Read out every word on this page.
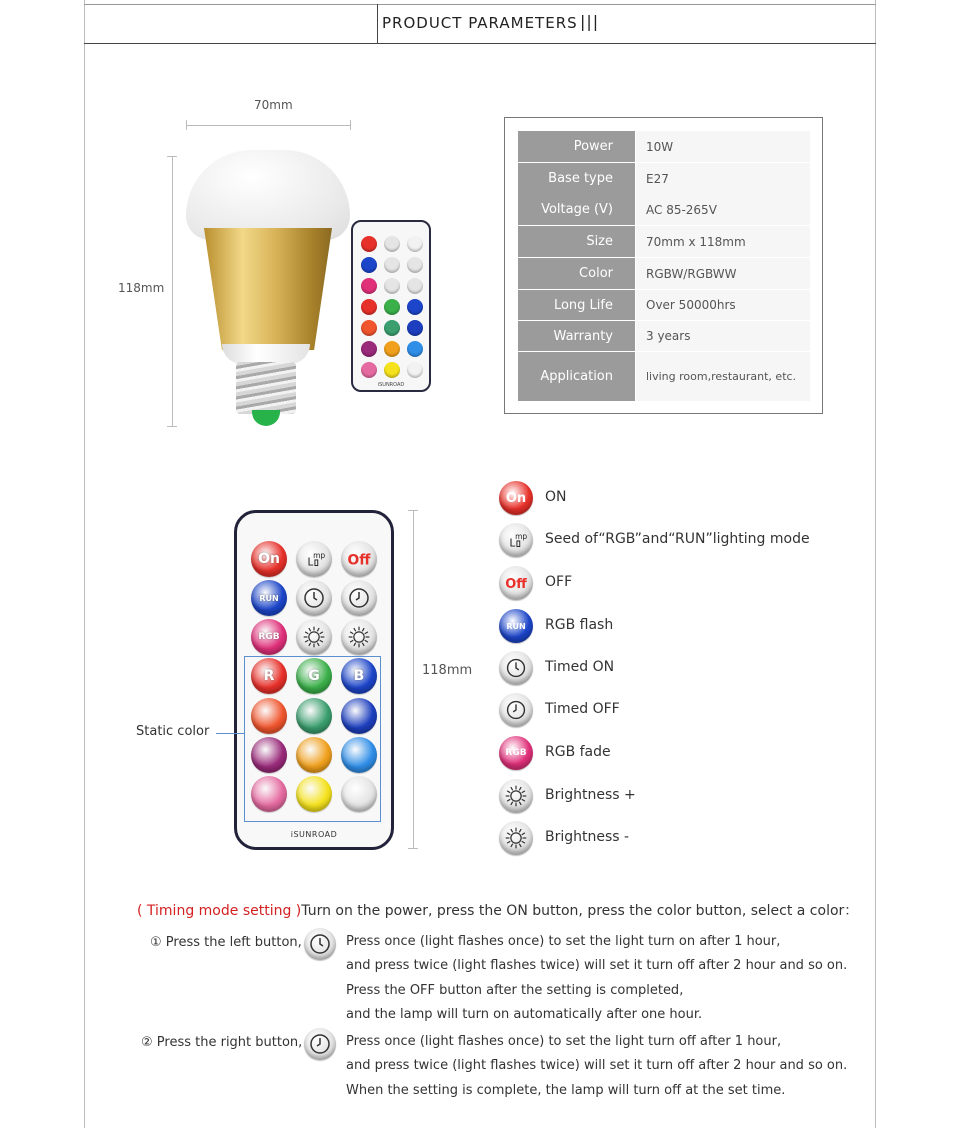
PRODUCT PARAMETERS |||
70mm
118mm
iSUNROAD
Power	10W
Base type	E27
Voltage (V)	AC 85-265V
Size	70mm x 118mm
Color	RGBW/RGBWW
Long Life	Over 50000hrs
Warranty	3 years
Application	living room,restaurant, etc.
118mm
On	L
mp Off
RUN
RGB
R G B
Static color
iSUNROAD
On ON
L
mp Seed of“RGB”and“RUN”lighting mode
Off OFF
RUN RGB flash
Timed ON
Timed OFF
RGB RGB fade
Brightness +
Brightness -
( Timing mode setting )Turn on the power, press the ON button, press the color button, select a color：
① Press the left button,	Press once (light flashes once) to set the light turn on after 1 hour,
and press twice (light flashes twice) will set it turn off after 2 hour and so on.
Press the OFF button after the setting is completed,
and the lamp will turn on automatically after one hour.
② Press the right button,	Press once (light flashes once) to set the light turn off after 1 hour,
and press twice (light flashes twice) will set it turn off after 2 hour and so on.
When the setting is complete, the lamp will turn off at the set time.
